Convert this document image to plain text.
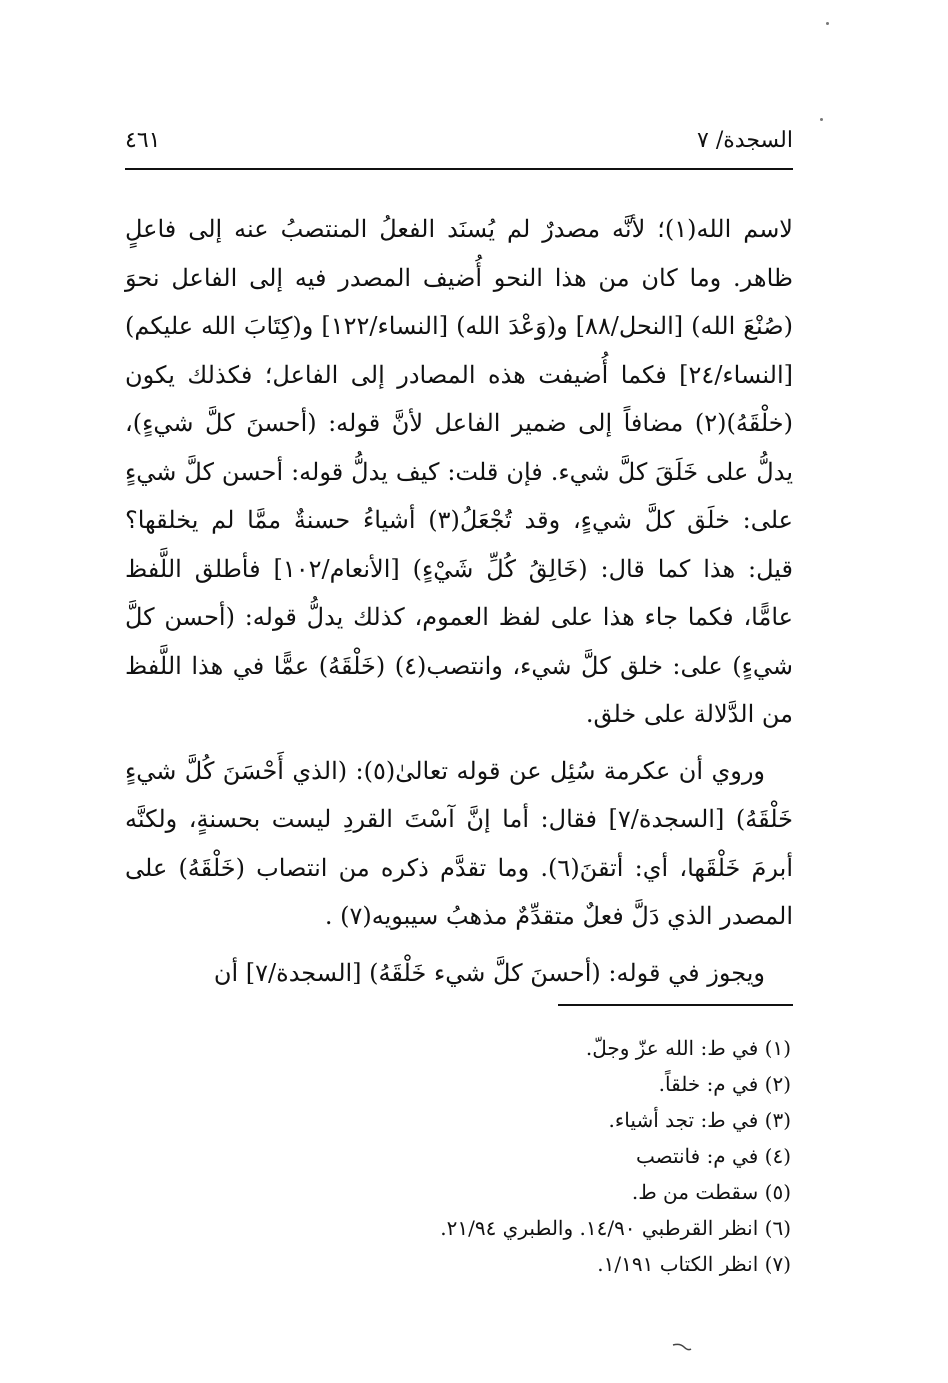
السجدة/ ٧
٤٦١

لاسم الله(١)؛ لأنَّه مصدرٌ لم يُسنَد الفعلُ المنتصبُ عنه إلى فاعلٍ ظاهر. وما كان من هذا النحو أُضيف المصدر فيه إلى الفاعل نحوَ (صُنْعَ الله) [النحل/٨٨] و(وَعْدَ الله) [النساء/١٢٢] و(كِتَابَ الله عليكم) [النساء/٢٤] فكما أُضيفت هذه المصادر إلى الفاعل؛ فكذلك يكون (خلْقَهُ)(٢) مضافاً إلى ضمير الفاعل لأنَّ قوله: (أحسنَ كلَّ شيءٍ)، يدلُّ على خَلَقَ كلَّ شيء. فإن قلت: كيف يدلُّ قوله: أحسن كلَّ شيءٍ على: خلَق كلَّ شيءٍ، وقد تُجْعَلُ(٣) أشياءُ حسنةٌ ممَّا لم يخلقها؟ قيل: هذا كما قال: (خَالِقُ كُلِّ شَيْءٍ) [الأنعام/١٠٢] فأطلق اللَّفظ عامًّا، فكما جاء هذا على لفظ العموم، كذلك يدلُّ قوله: (أحسن كلَّ شيءٍ) على: خلق كلَّ شيء، وانتصب(٤) (خَلْقَهُ) عمًّا في هذا اللَّفظ من الدَّلالة على خلق.

وروي أن عكرمة سُئِل عن قوله تعالىٰ(٥): (الذي أَحْسَنَ كُلَّ شيءٍ خَلْقَهُ) [السجدة/٧] فقال: أما إنَّ آسْتَ القردِ ليست بحسنةٍ، ولكنَّه أبرمَ خَلْقَها، أي: أتقنَ(٦). وما تقدَّم ذكره من انتصاب (خَلْقَهُ) على المصدر الذي دَلَّ فعلٌ متقدِّمٌ مذهبُ سيبويه(٧) .

ويجوز في قوله: (أحسنَ كلَّ شيء خَلْقَهُ) [السجدة/٧] أن

(١) في ط: الله عزّ وجلّ.
(٢) في م: خلقاً.
(٣) في ط: تجد أشياء.
(٤) في م: فانتصب
(٥) سقطت من ط.
(٦) انظر القرطبي ١٤/٩٠. والطبري ٢١/٩٤.
(٧) انظر الكتاب ١/١٩١.
